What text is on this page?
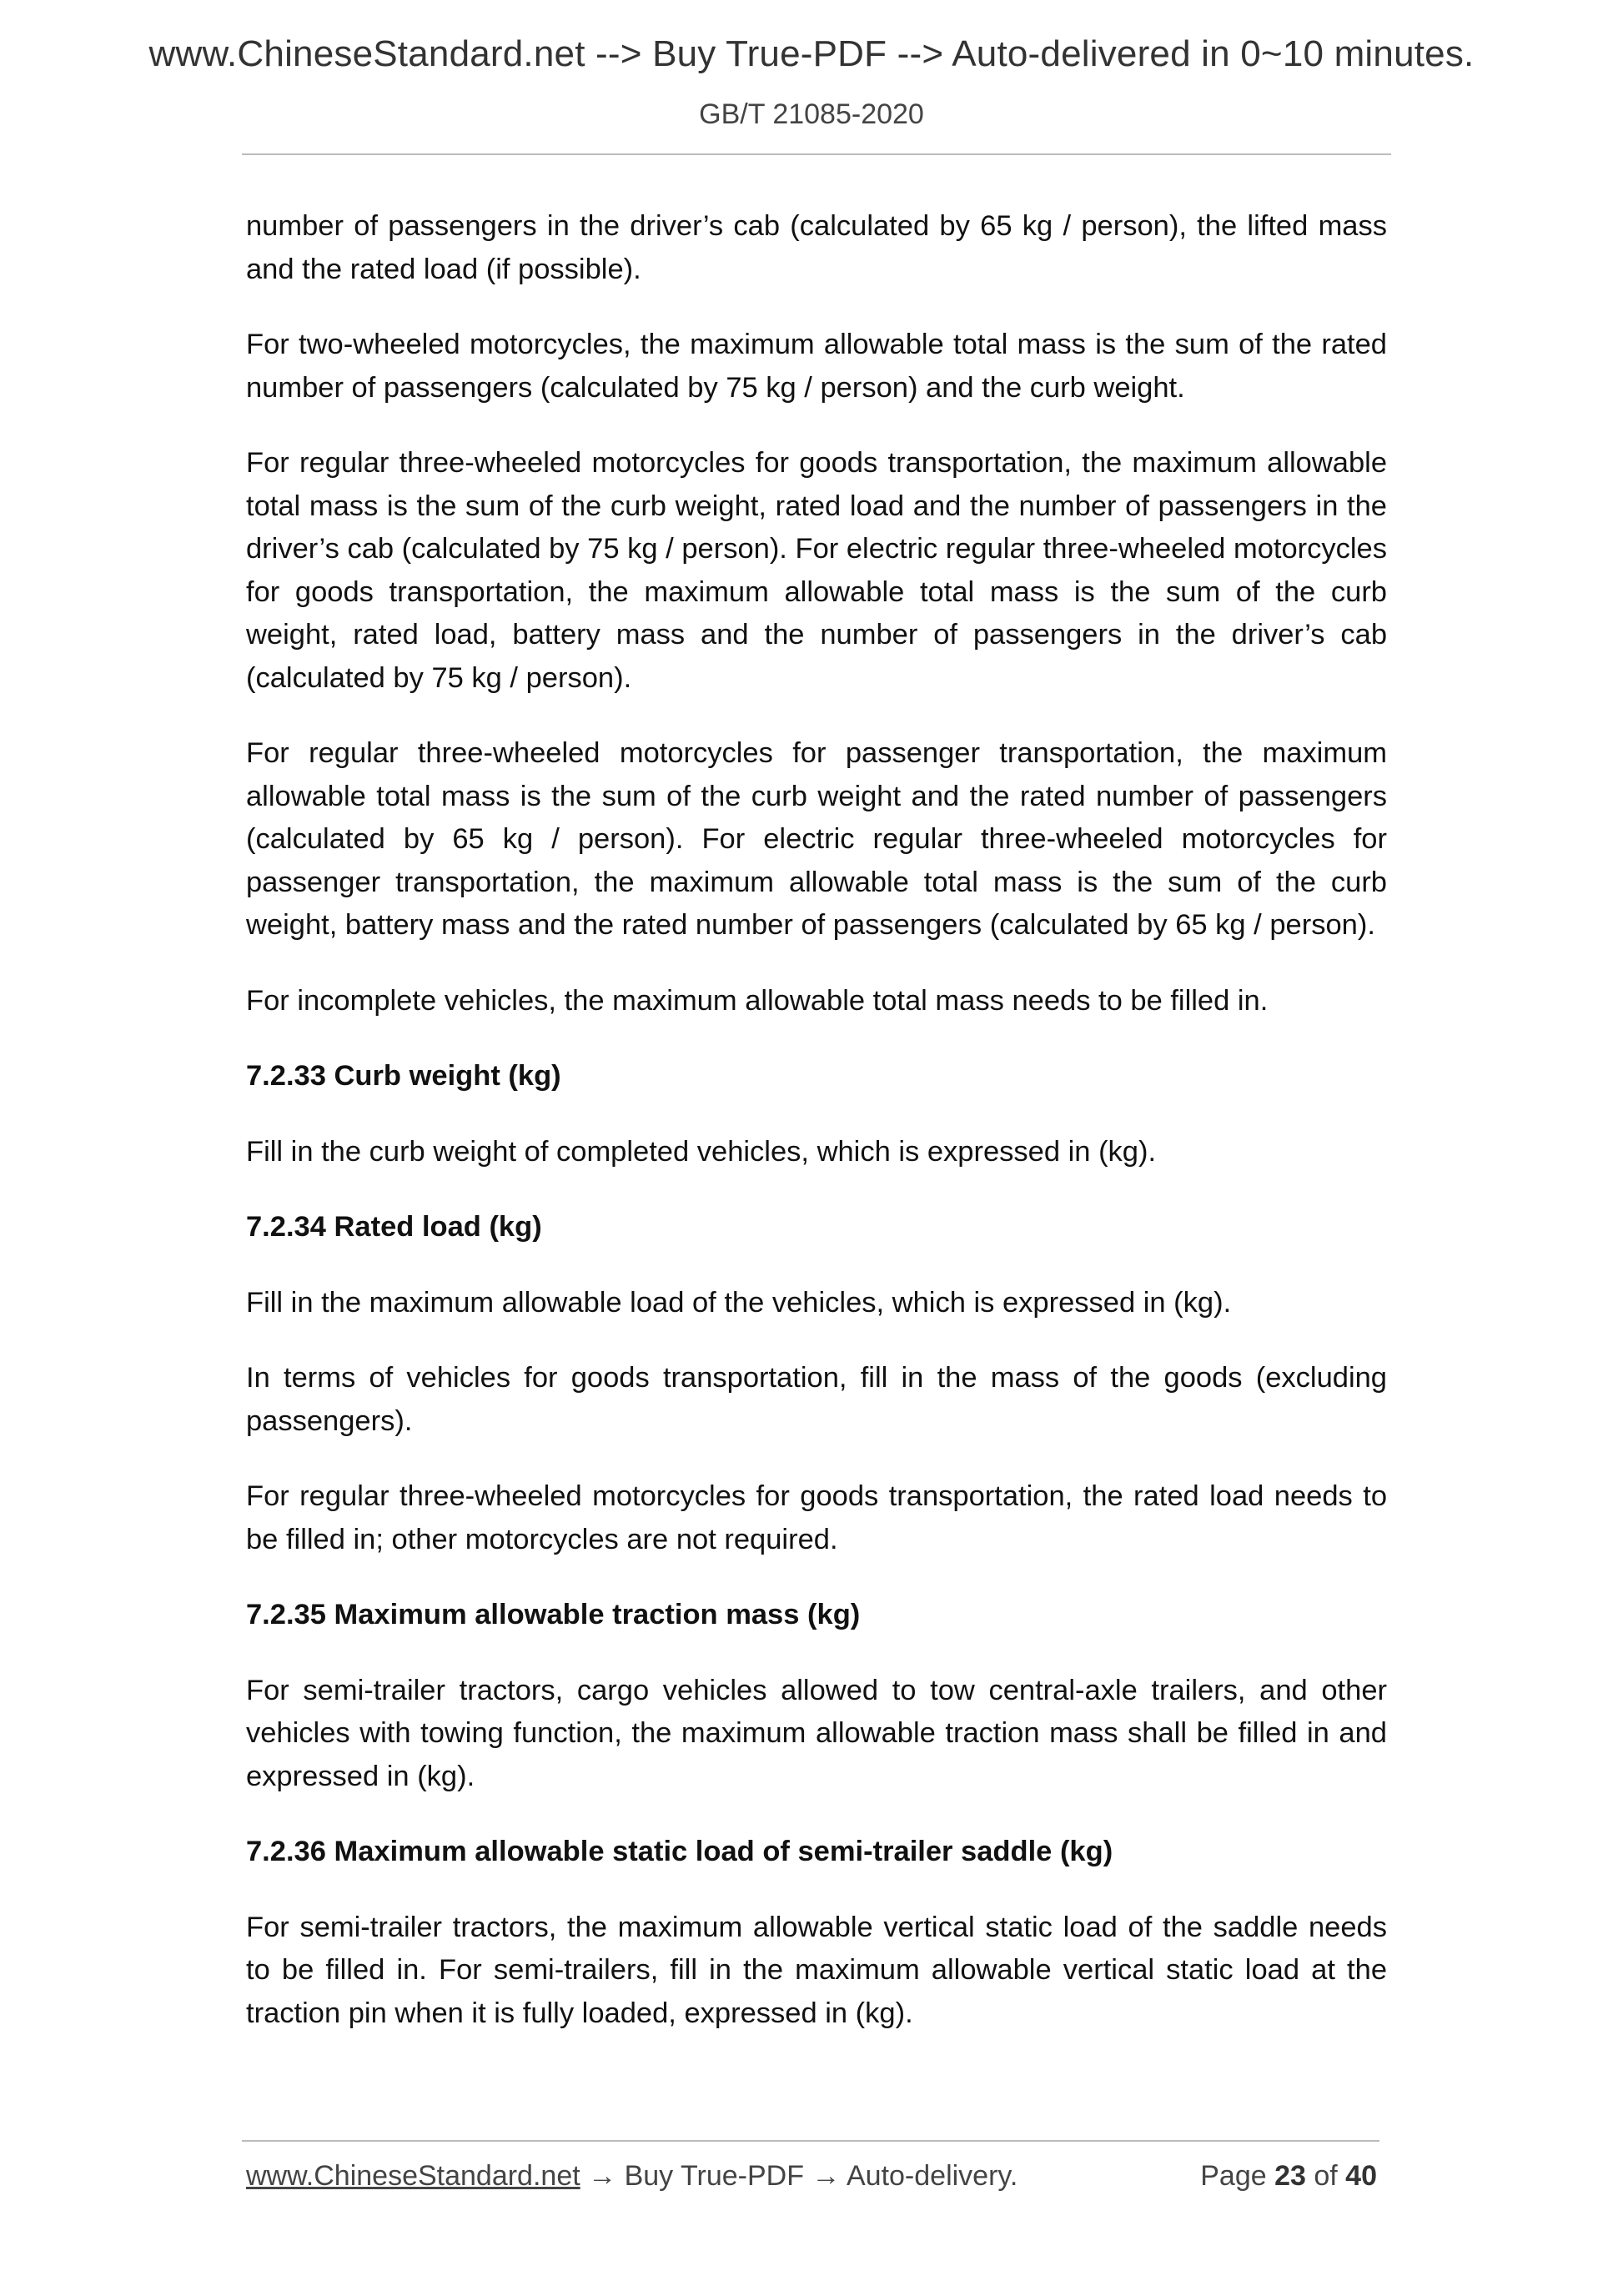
www.ChineseStandard.net --> Buy True-PDF --> Auto-delivered in 0~10 minutes.
GB/T 21085-2020

number of passengers in the driver’s cab (calculated by 65 kg / person), the lifted mass and the rated load (if possible).

For two-wheeled motorcycles, the maximum allowable total mass is the sum of the rated number of passengers (calculated by 75 kg / person) and the curb weight.

For regular three-wheeled motorcycles for goods transportation, the maximum allowable total mass is the sum of the curb weight, rated load and the number of passengers in the driver’s cab (calculated by 75 kg / person). For electric regular three-wheeled motorcycles for goods transportation, the maximum allowable total mass is the sum of the curb weight, rated load, battery mass and the number of passengers in the driver’s cab (calculated by 75 kg / person).

For regular three-wheeled motorcycles for passenger transportation, the maximum allowable total mass is the sum of the curb weight and the rated number of passengers (calculated by 65 kg / person). For electric regular three-wheeled motorcycles for passenger transportation, the maximum allowable total mass is the sum of the curb weight, battery mass and the rated number of passengers (calculated by 65 kg / person).

For incomplete vehicles, the maximum allowable total mass needs to be filled in.

7.2.33 Curb weight (kg)

Fill in the curb weight of completed vehicles, which is expressed in (kg).

7.2.34 Rated load (kg)

Fill in the maximum allowable load of the vehicles, which is expressed in (kg).

In terms of vehicles for goods transportation, fill in the mass of the goods (excluding passengers).

For regular three-wheeled motorcycles for goods transportation, the rated load needs to be filled in; other motorcycles are not required.

7.2.35 Maximum allowable traction mass (kg)

For semi-trailer tractors, cargo vehicles allowed to tow central-axle trailers, and other vehicles with towing function, the maximum allowable traction mass shall be filled in and expressed in (kg).

7.2.36 Maximum allowable static load of semi-trailer saddle (kg)

For semi-trailer tractors, the maximum allowable vertical static load of the saddle needs to be filled in. For semi-trailers, fill in the maximum allowable vertical static load at the traction pin when it is fully loaded, expressed in (kg).

www.ChineseStandard.net → Buy True-PDF → Auto-delivery.	Page 23 of 40
